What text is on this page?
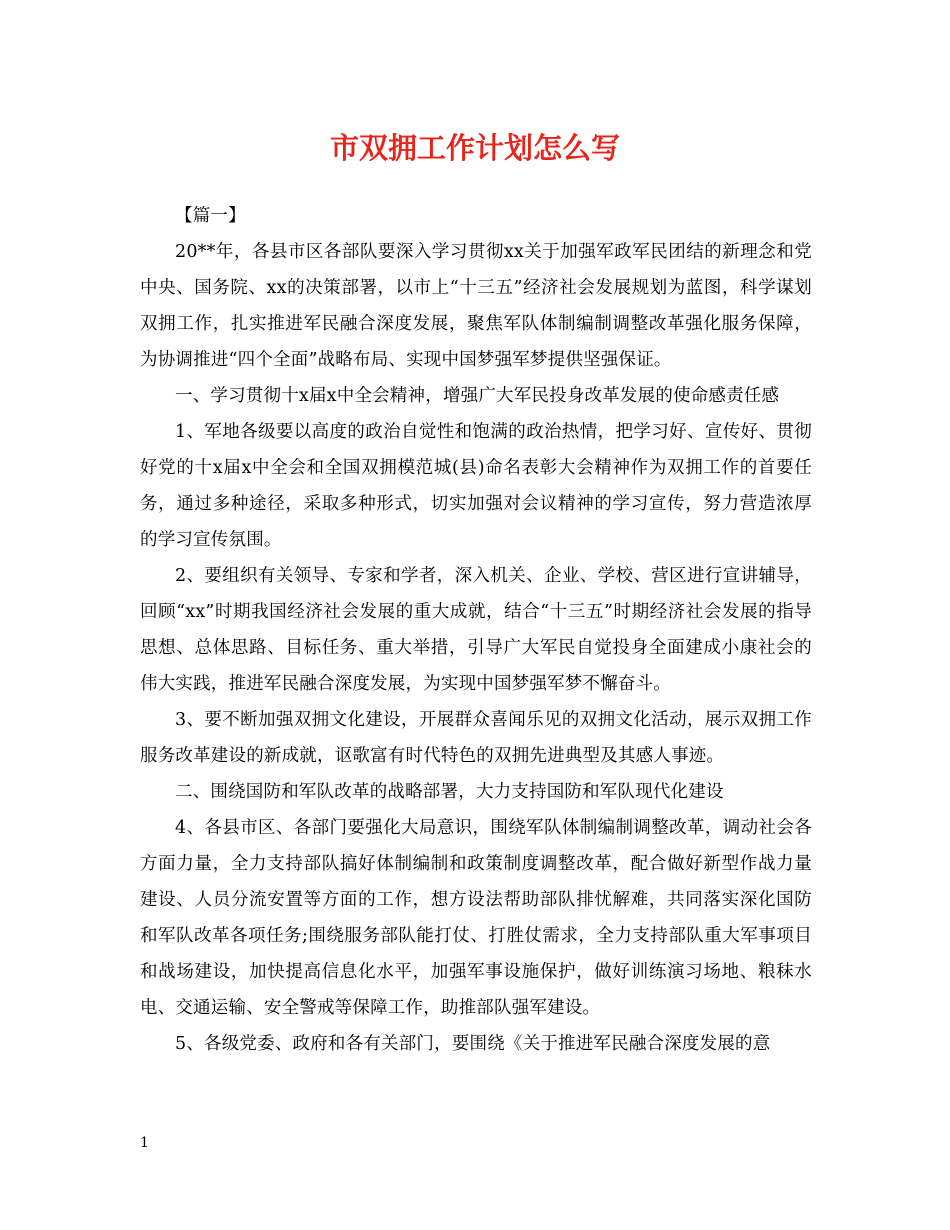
市双拥工作计划怎么写

【篇一】

20**年，各县市区各部队要深入学习贯彻xx关于加强军政军民团结的新理念和党中央、国务院、xx的决策部署，以市上“十三五”经济社会发展规划为蓝图，科学谋划双拥工作，扎实推进军民融合深度发展，聚焦军队体制编制调整改革强化服务保障，为协调推进“四个全面”战略布局、实现中国梦强军梦提供坚强保证。

一、学习贯彻十x届x中全会精神，增强广大军民投身改革发展的使命感责任感

1、军地各级要以高度的政治自觉性和饱满的政治热情，把学习好、宣传好、贯彻好党的十x届x中全会和全国双拥模范城(县)命名表彰大会精神作为双拥工作的首要任务，通过多种途径，采取多种形式，切实加强对会议精神的学习宣传，努力营造浓厚的学习宣传氛围。

2、要组织有关领导、专家和学者，深入机关、企业、学校、营区进行宣讲辅导，回顾“xx”时期我国经济社会发展的重大成就，结合“十三五”时期经济社会发展的指导思想、总体思路、目标任务、重大举措，引导广大军民自觉投身全面建成小康社会的伟大实践，推进军民融合深度发展，为实现中国梦强军梦不懈奋斗。

3、要不断加强双拥文化建设，开展群众喜闻乐见的双拥文化活动，展示双拥工作服务改革建设的新成就，讴歌富有时代特色的双拥先进典型及其感人事迹。

二、围绕国防和军队改革的战略部署，大力支持国防和军队现代化建设

4、各县市区、各部门要强化大局意识，围绕军队体制编制调整改革，调动社会各方面力量，全力支持部队搞好体制编制和政策制度调整改革，配合做好新型作战力量建设、人员分流安置等方面的工作，想方设法帮助部队排忧解难，共同落实深化国防和军队改革各项任务;围绕服务部队能打仗、打胜仗需求，全力支持部队重大军事项目和战场建设，加快提高信息化水平，加强军事设施保护，做好训练演习场地、粮秣水电、交通运输、安全警戒等保障工作，助推部队强军建设。

5、各级党委、政府和各有关部门，要围绕《关于推进军民融合深度发展的意

1
